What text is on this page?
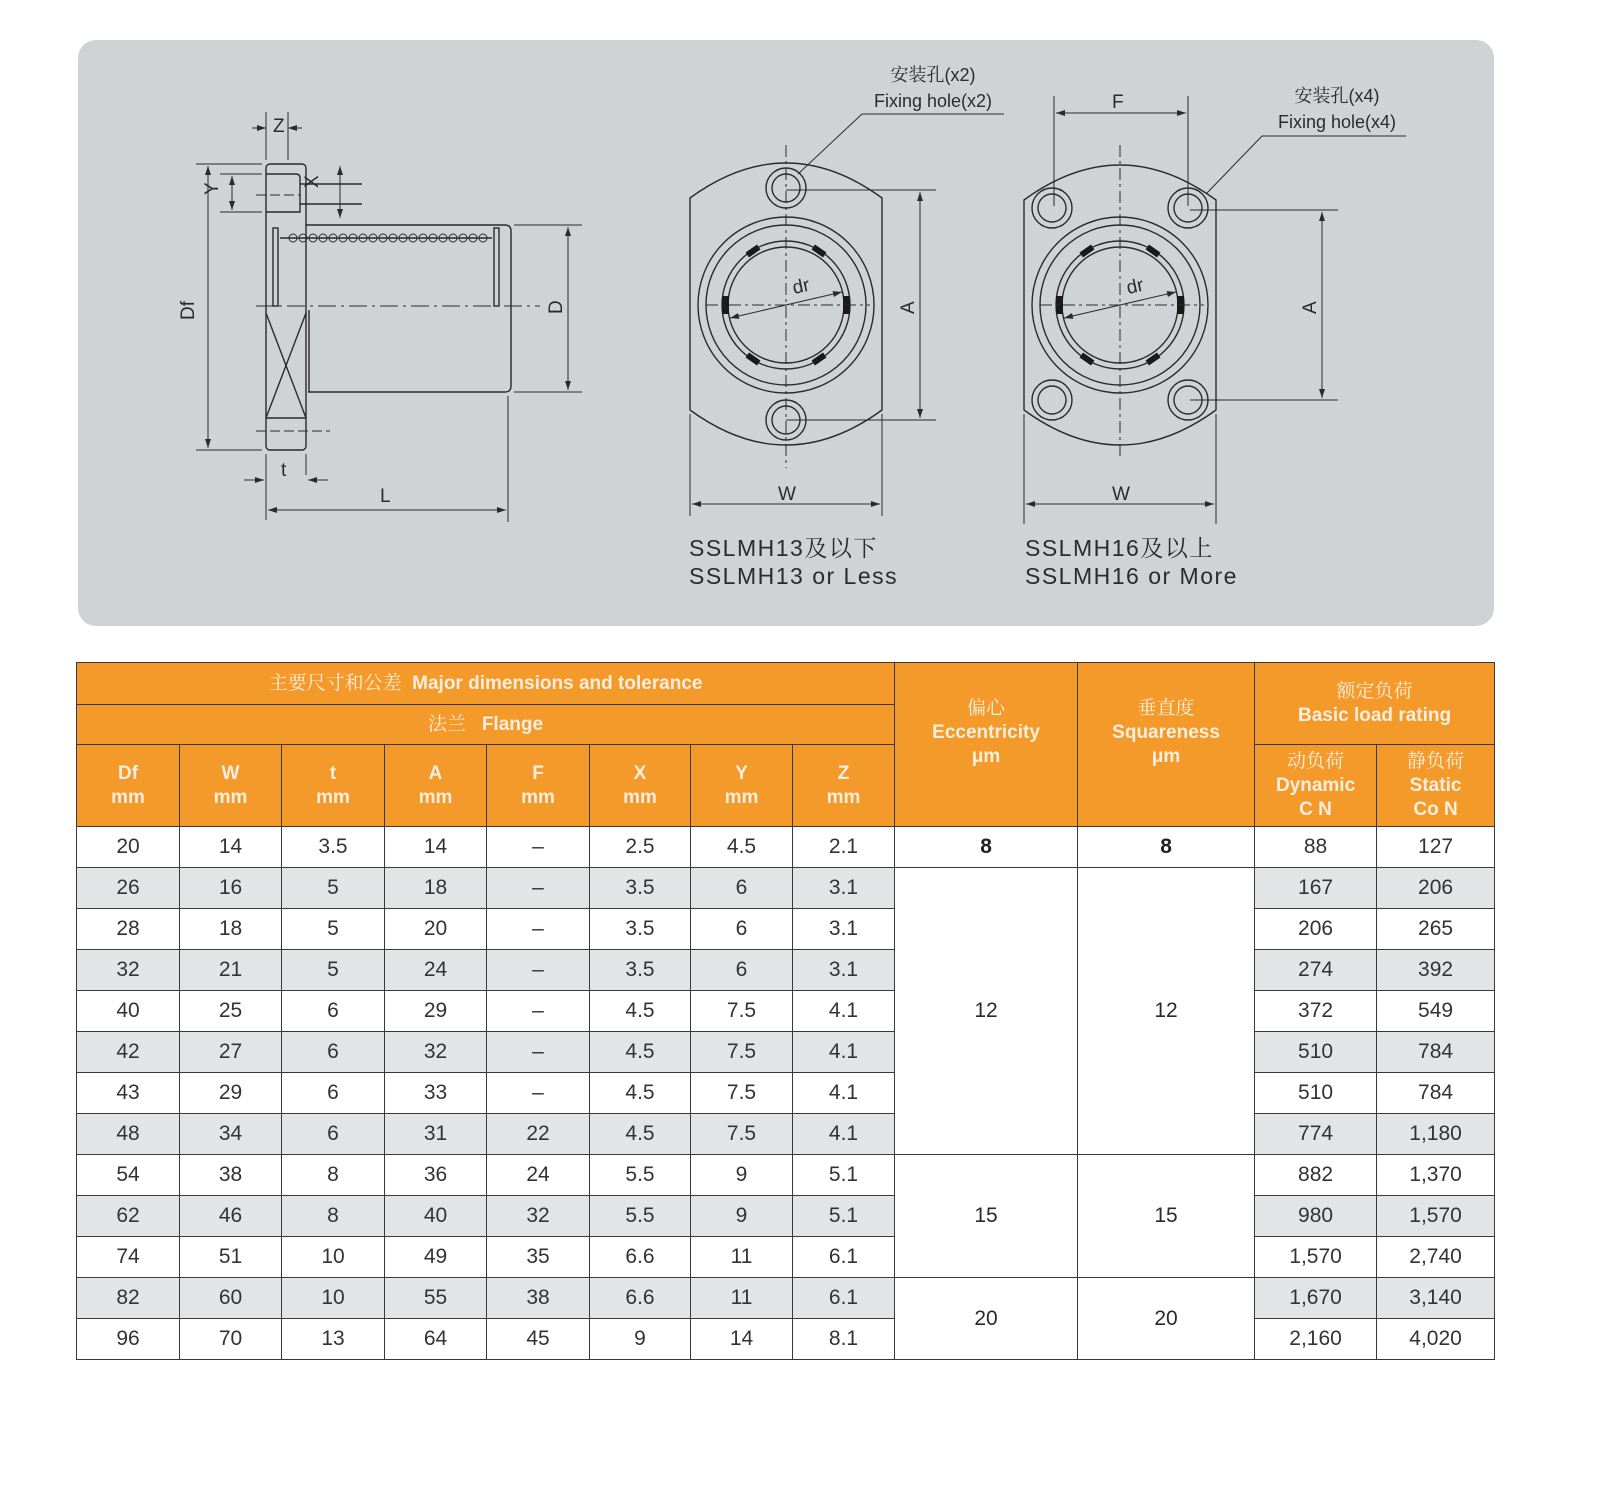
Z
Y
X
Df	D
t
L
dr
A
W
F
dr
A
W
安装孔(x2)
Fixing hole(x2)	安装孔(x4)
Fixing hole(x4)
SSLMH13及以下
SSLMH13 or Less
SSLMH16及以上
SSLMH16 or More
主要尺寸和公差 Major dimensions and tolerance	
偏心
Eccentricity
μm

垂直度
Squareness
μm

额定负荷
Basic load rating

法兰 Flange											

Df
mm

W
mm

t
mm

A
mm

F
mm

X
mm

Y
mm

Z
mm

动负荷
Dynamic
C N

静负荷
Static
Co N

20	14	3.5	14	–	2.5	4.5	2.1	8	8	88	127
26	16	5	18	–	3.5	6	3.1	12	12	167	206
28	18	5	20	–	3.5	6	3.1			206	265
32	21	5	24	–	3.5	6	3.1			274	392
40	25	6	29	–	4.5	7.5	4.1			372	549
42	27	6	32	–	4.5	7.5	4.1			510	784
43	29	6	33	–	4.5	7.5	4.1			510	784
48	34	6	31	22	4.5	7.5	4.1			774	1,180
54	38	8	36	24	5.5	9	5.1	15	15	882	1,370
62	46	8	40	32	5.5	9	5.1			980	1,570
74	51	10	49	35	6.6	11	6.1			1,570	2,740
82	60	10	55	38	6.6	11	6.1	20	20	1,670	3,140
96	70	13	64	45	9	14	8.1			2,160	4,020
